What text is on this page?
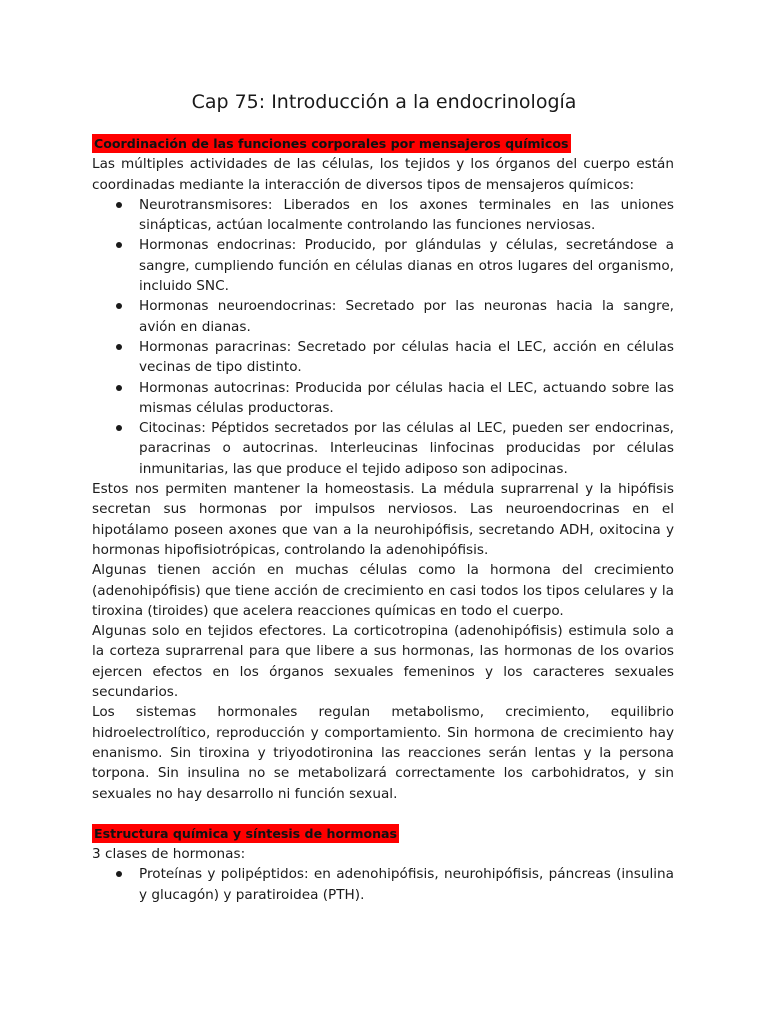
Cap 75: Introducción a la endocrinología
Coordinación de las funciones corporales por mensajeros químicos

Las múltiples actividades de las células, los tejidos y los órganos del cuerpo están coordinadas mediante la interacción de diversos tipos de mensajeros químicos:

Neurotransmisores: Liberados en los axones terminales en las uniones sinápticas, actúan localmente controlando las funciones nerviosas.
Hormonas endocrinas: Producido, por glándulas y células, secretándose a sangre, cumpliendo función en células dianas en otros lugares del organismo, incluido SNC.
Hormonas neuroendocrinas: Secretado por las neuronas hacia la sangre, avión en dianas.
Hormonas paracrinas: Secretado por células hacia el LEC, acción en células vecinas de tipo distinto.
Hormonas autocrinas: Producida por células hacia el LEC, actuando sobre las mismas células productoras.
Citocinas: Péptidos secretados por las células al LEC, pueden ser endocrinas, paracrinas o autocrinas. Interleucinas linfocinas producidas por células inmunitarias, las que produce el tejido adiposo son adipocinas.

Estos nos permiten mantener la homeostasis. La médula suprarrenal y la hipófisis secretan sus hormonas por impulsos nerviosos. Las neuroendocrinas en el hipotálamo poseen axones que van a la neurohipófisis, secretando ADH, oxitocina y hormonas hipofisiotrópicas, controlando la adenohipófisis.

Algunas tienen acción en muchas células como la hormona del crecimiento (adenohipófisis) que tiene acción de crecimiento en casi todos los tipos celulares y la tiroxina (tiroides) que acelera reacciones químicas en todo el cuerpo.

Algunas solo en tejidos efectores. La corticotropina (adenohipófisis) estimula solo a la corteza suprarrenal para que libere a sus hormonas, las hormonas de los ovarios ejercen efectos en los órganos sexuales femeninos y los caracteres sexuales secundarios.

Los sistemas hormonales regulan metabolismo, crecimiento, equilibrio hidroelectrolítico, reproducción y comportamiento. Sin hormona de crecimiento hay enanismo. Sin tiroxina y triyodotironina las reacciones serán lentas y la persona torpona. Sin insulina no se metabolizará correctamente los carbohidratos, y sin sexuales no hay desarrollo ni función sexual.

Estructura química y síntesis de hormonas

3 clases de hormonas:

Proteínas y polipéptidos: en adenohipófisis, neurohipófisis, páncreas (insulina y glucagón) y paratiroidea (PTH).
